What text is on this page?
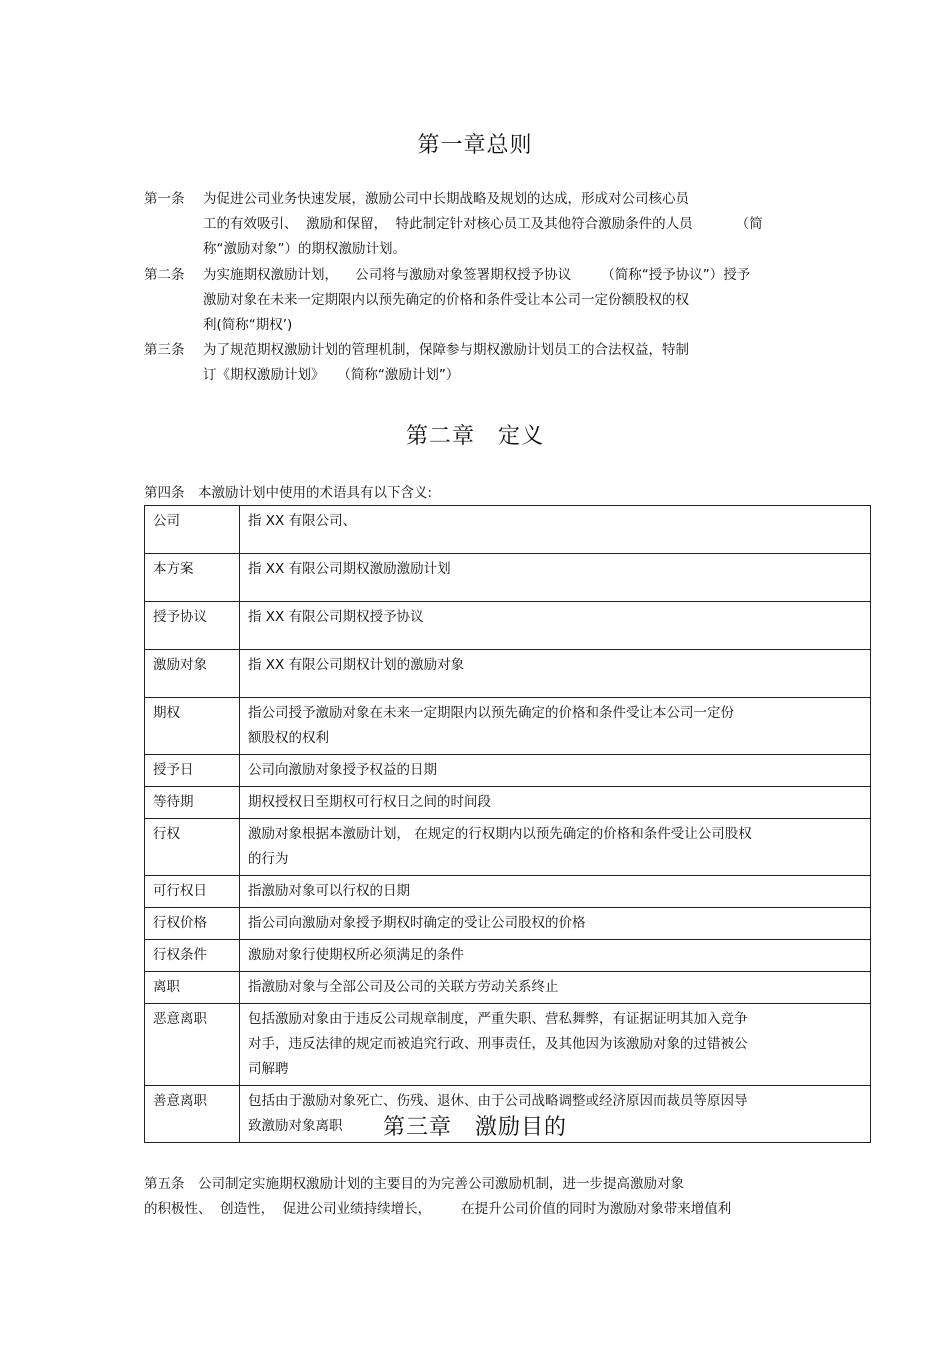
第一章总则
第一条 为促进公司业务快速发展，激励公司中长期战略及规划的达成，形成对公司核心员
工的有效吸引、  激励和保留，  特此制定针对核心员工及其他符合激励条件的人员          （简
称“激励对象”）的期权激励计划。
第二条 为实施期权激励计划，    公司将与激励对象签署期权授予协议       （简称“授予协议”）授予
激励对象在未来一定期限内以预先确定的价格和条件受让本公司一定份额股权的权
利(简称“期权’)
第三条 为了规范期权激励计划的管理机制，保障参与期权激励计划员工的合法权益，特制
订《期权激励计划》   （简称“激励计划”）
第二章　定义
第四条　本激励计划中使用的术语具有以下含义:
公司	指 XX 有限公司、
本方案	指 XX 有限公司期权激励激励计划
授予协议	指 XX 有限公司期权授予协议
激励对象	指 XX 有限公司期权计划的激励对象
期权	指公司授予激励对象在未来一定期限内以预先确定的价格和条件受让本公司一定份
额股权的权利
授予日	公司向激励对象授予权益的日期
等待期	期权授权日至期权可行权日之间的时间段
行权	激励对象根据本激励计划， 在规定的行权期内以预先确定的价格和条件受让公司股权
的行为
可行权日	指激励对象可以行权的日期
行权价格	指公司向激励对象授予期权时确定的受让公司股权的价格
行权条件	激励对象行使期权所必须满足的条件
离职	指激励对象与全部公司及公司的关联方劳动关系终止
恶意离职	包括激励对象由于违反公司规章制度，严重失职、营私舞弊，有证据证明其加入竞争
对手，违反法律的规定而被追究行政、刑事责任，及其他因为该激励对象的过错被公
司解聘
善意离职	包括由于激励对象死亡、伤残、退休、由于公司战略调整或经济原因而裁员等原因导
致激励对象离职	第三章　激励目的
第五条　公司制定实施期权激励计划的主要目的为完善公司激励机制，进一步提高激励对象
的积极性、  创造性，  促进公司业绩持续增长，       在提升公司价值的同时为激励对象带来增值利
